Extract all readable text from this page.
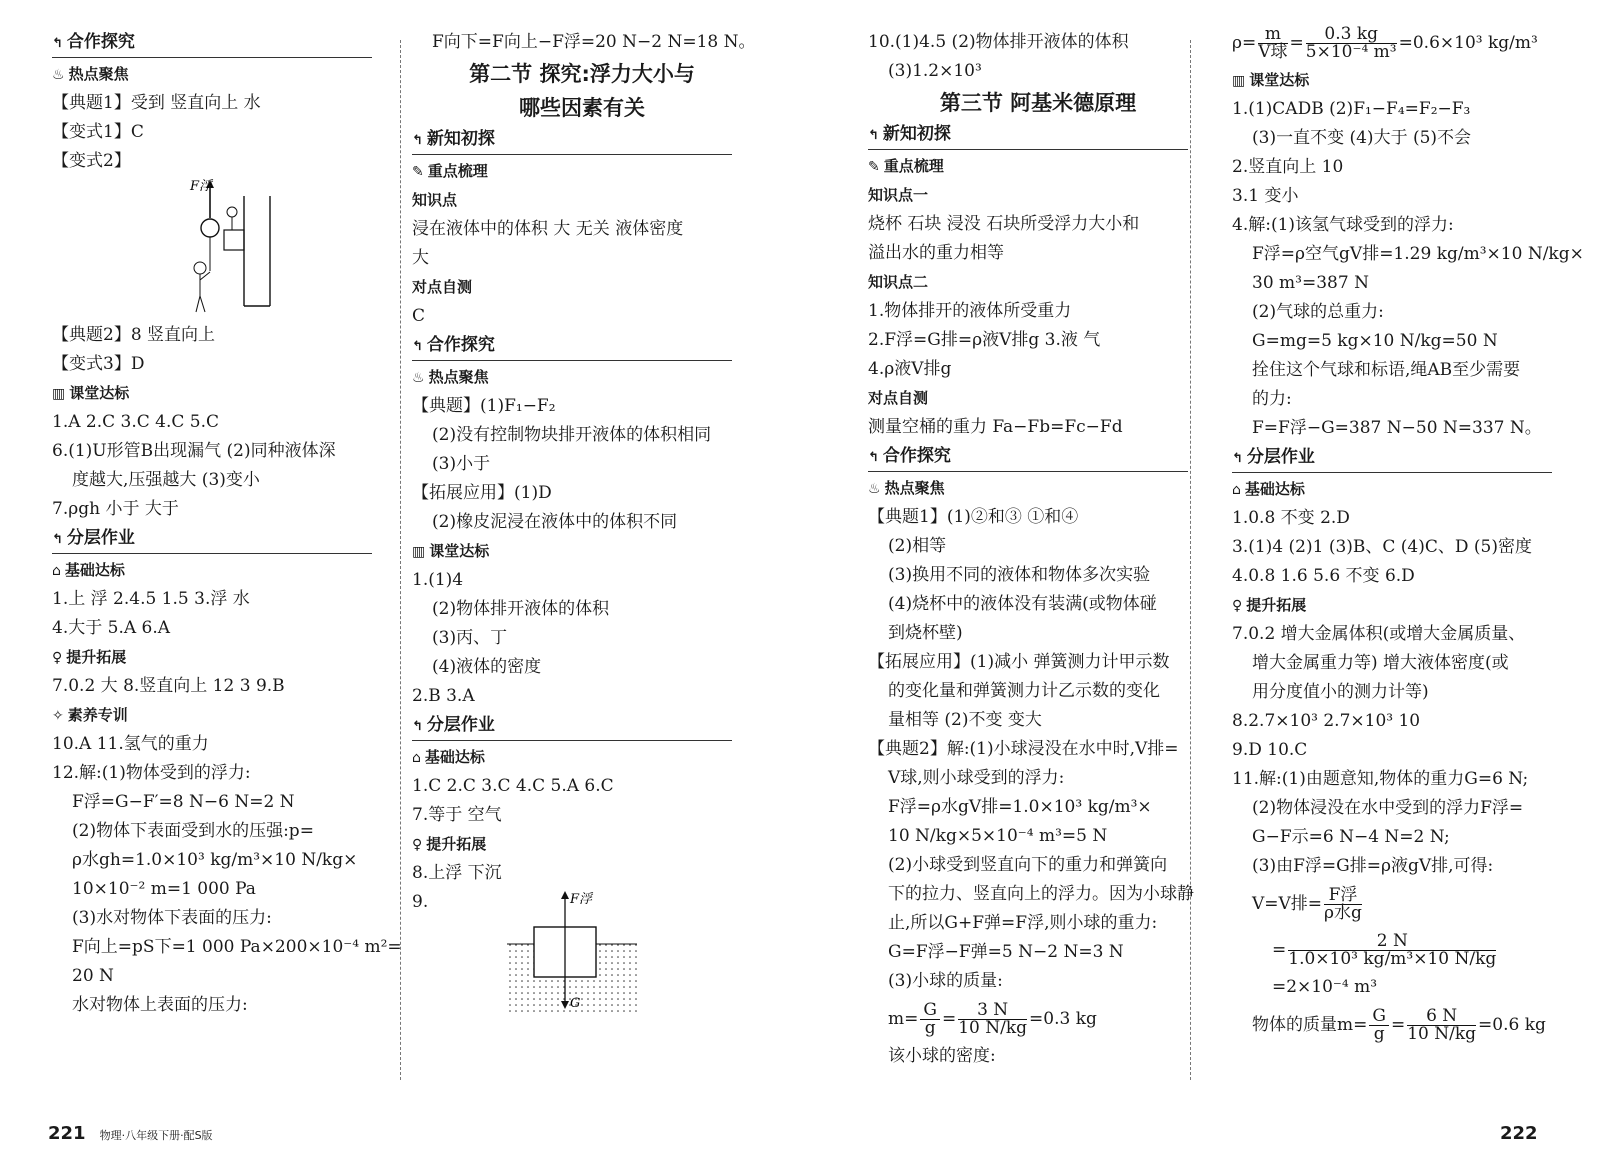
↰ 合作探究
♨ 热点聚焦
【典题1】受到 竖直向上 水
【变式1】C
【变式2】
F浮
【典题2】8 竖直向上
【变式3】D
▥ 课堂达标
1.A 2.C 3.C 4.C 5.C
6.(1)U形管B出现漏气 (2)同种液体深
度越大,压强越大 (3)变小
7.ρgh 小于 大于
↰ 分层作业
⌂ 基础达标
1.上 浮 2.4.5 1.5 3.浮 水
4.大于 5.A 6.A
♀ 提升拓展
7.0.2 大 8.竖直向上 12 3 9.B
✧ 素养专训
10.A 11.氢气的重力
12.解:(1)物体受到的浮力:
F浮=G−F′=8 N−6 N=2 N
(2)物体下表面受到水的压强:p=
ρ水gh=1.0×10³ kg/m³×10 N/kg×
10×10⁻² m=1 000 Pa
(3)水对物体下表面的压力:
F向上=pS下=1 000 Pa×200×10⁻⁴ m²=
20 N
水对物体上表面的压力:
F向下=F向上−F浮=20 N−2 N=18 N。
第二节 探究:浮力大小与
哪些因素有关
↰ 新知初探
✎ 重点梳理
知识点
浸在液体中的体积 大 无关 液体密度
大
对点自测
C
↰ 合作探究
♨ 热点聚焦
【典题】(1)F₁−F₂
(2)没有控制物块排开液体的体积相同
(3)小于
【拓展应用】(1)D
(2)橡皮泥浸在液体中的体积不同
▥ 课堂达标
1.(1)4
(2)物体排开液体的体积
(3)丙、丁
(4)液体的密度
2.B 3.A
↰ 分层作业
⌂ 基础达标
1.C 2.C 3.C 4.C 5.A 6.C
7.等于 空气
♀ 提升拓展
8.上浮 下沉
9.	F浮
G
10.(1)4.5 (2)物体排开液体的体积
(3)1.2×10³
第三节 阿基米德原理
↰ 新知初探
✎ 重点梳理
知识点一
烧杯 石块 浸没 石块所受浮力大小和
溢出水的重力相等
知识点二
1.物体排开的液体所受重力
2.F浮=G排=ρ液V排g 3.液 气
4.ρ液V排g
对点自测
测量空桶的重力 Fa−Fb=Fc−Fd
↰ 合作探究
♨ 热点聚焦
【典题1】(1)②和③ ①和④
(2)相等
(3)换用不同的液体和物体多次实验
(4)烧杯中的液体没有装满(或物体碰
到烧杯壁)
【拓展应用】(1)减小 弹簧测力计甲示数
的变化量和弹簧测力计乙示数的变化
量相等 (2)不变 变大
【典题2】解:(1)小球浸没在水中时,V排=
V球,则小球受到的浮力:
F浮=ρ水gV排=1.0×10³ kg/m³×
10 N/kg×5×10⁻⁴ m³=5 N
(2)小球受到竖直向下的重力和弹簧向
下的拉力、竖直向上的浮力。因为小球静
止,所以G+F弹=F浮,则小球的重力:
G=F浮−F弹=5 N−2 N=3 N
(3)小球的质量:
$m= \frac{G}{g} = \frac{3 N}{10 N/kg} =0.3$ kg
该小球的密度:
$\rho= \frac{m}{\text{V球}} = \frac{0.3 kg}{\text{5×10⁻⁴ m³}} =0.6\times 10^3$ kg/m³
▥ 课堂达标
1.(1)CADB (2)F₁−F₄=F₂−F₃
(3)一直不变 (4)大于 (5)不会
2.竖直向上 10
3.1 变小
4.解:(1)该氢气球受到的浮力:
F浮=ρ空气gV排=1.29 kg/m³×10 N/kg×
30 m³=387 N
(2)气球的总重力:
G=mg=5 kg×10 N/kg=50 N
拴住这个气球和标语,绳AB至少需要
的力:
F=F浮−G=387 N−50 N=337 N。
↰ 分层作业
⌂ 基础达标
1.0.8 不变 2.D
3.(1)4 (2)1 (3)B、C (4)C、D (5)密度
4.0.8 1.6 5.6 不变 6.D
♀ 提升拓展
7.0.2 增大金属体积(或增大金属质量、
增大金属重力等) 增大液体密度(或
用分度值小的测力计等)
8.2.7×10³ 2.7×10³ 10
9.D 10.C
11.解:(1)由题意知,物体的重力G=6 N;
(2)物体浸没在水中受到的浮力F浮=
G−F示=6 N−4 N=2 N;
(3)由F浮=G排=ρ液gV排,可得:
V=V排= $\frac{\text{F浮}}{\text{ρ水g}}$
= $\frac{2 N}{\text{1.0×10³ kg/m³×10 N/kg}}$
=2×10⁻⁴ m³
物体的质量$m= \frac{G}{g} = \frac{6 N}{10 N/kg} =0.6$ kg
221 物理·八年级下册·配S版	222
